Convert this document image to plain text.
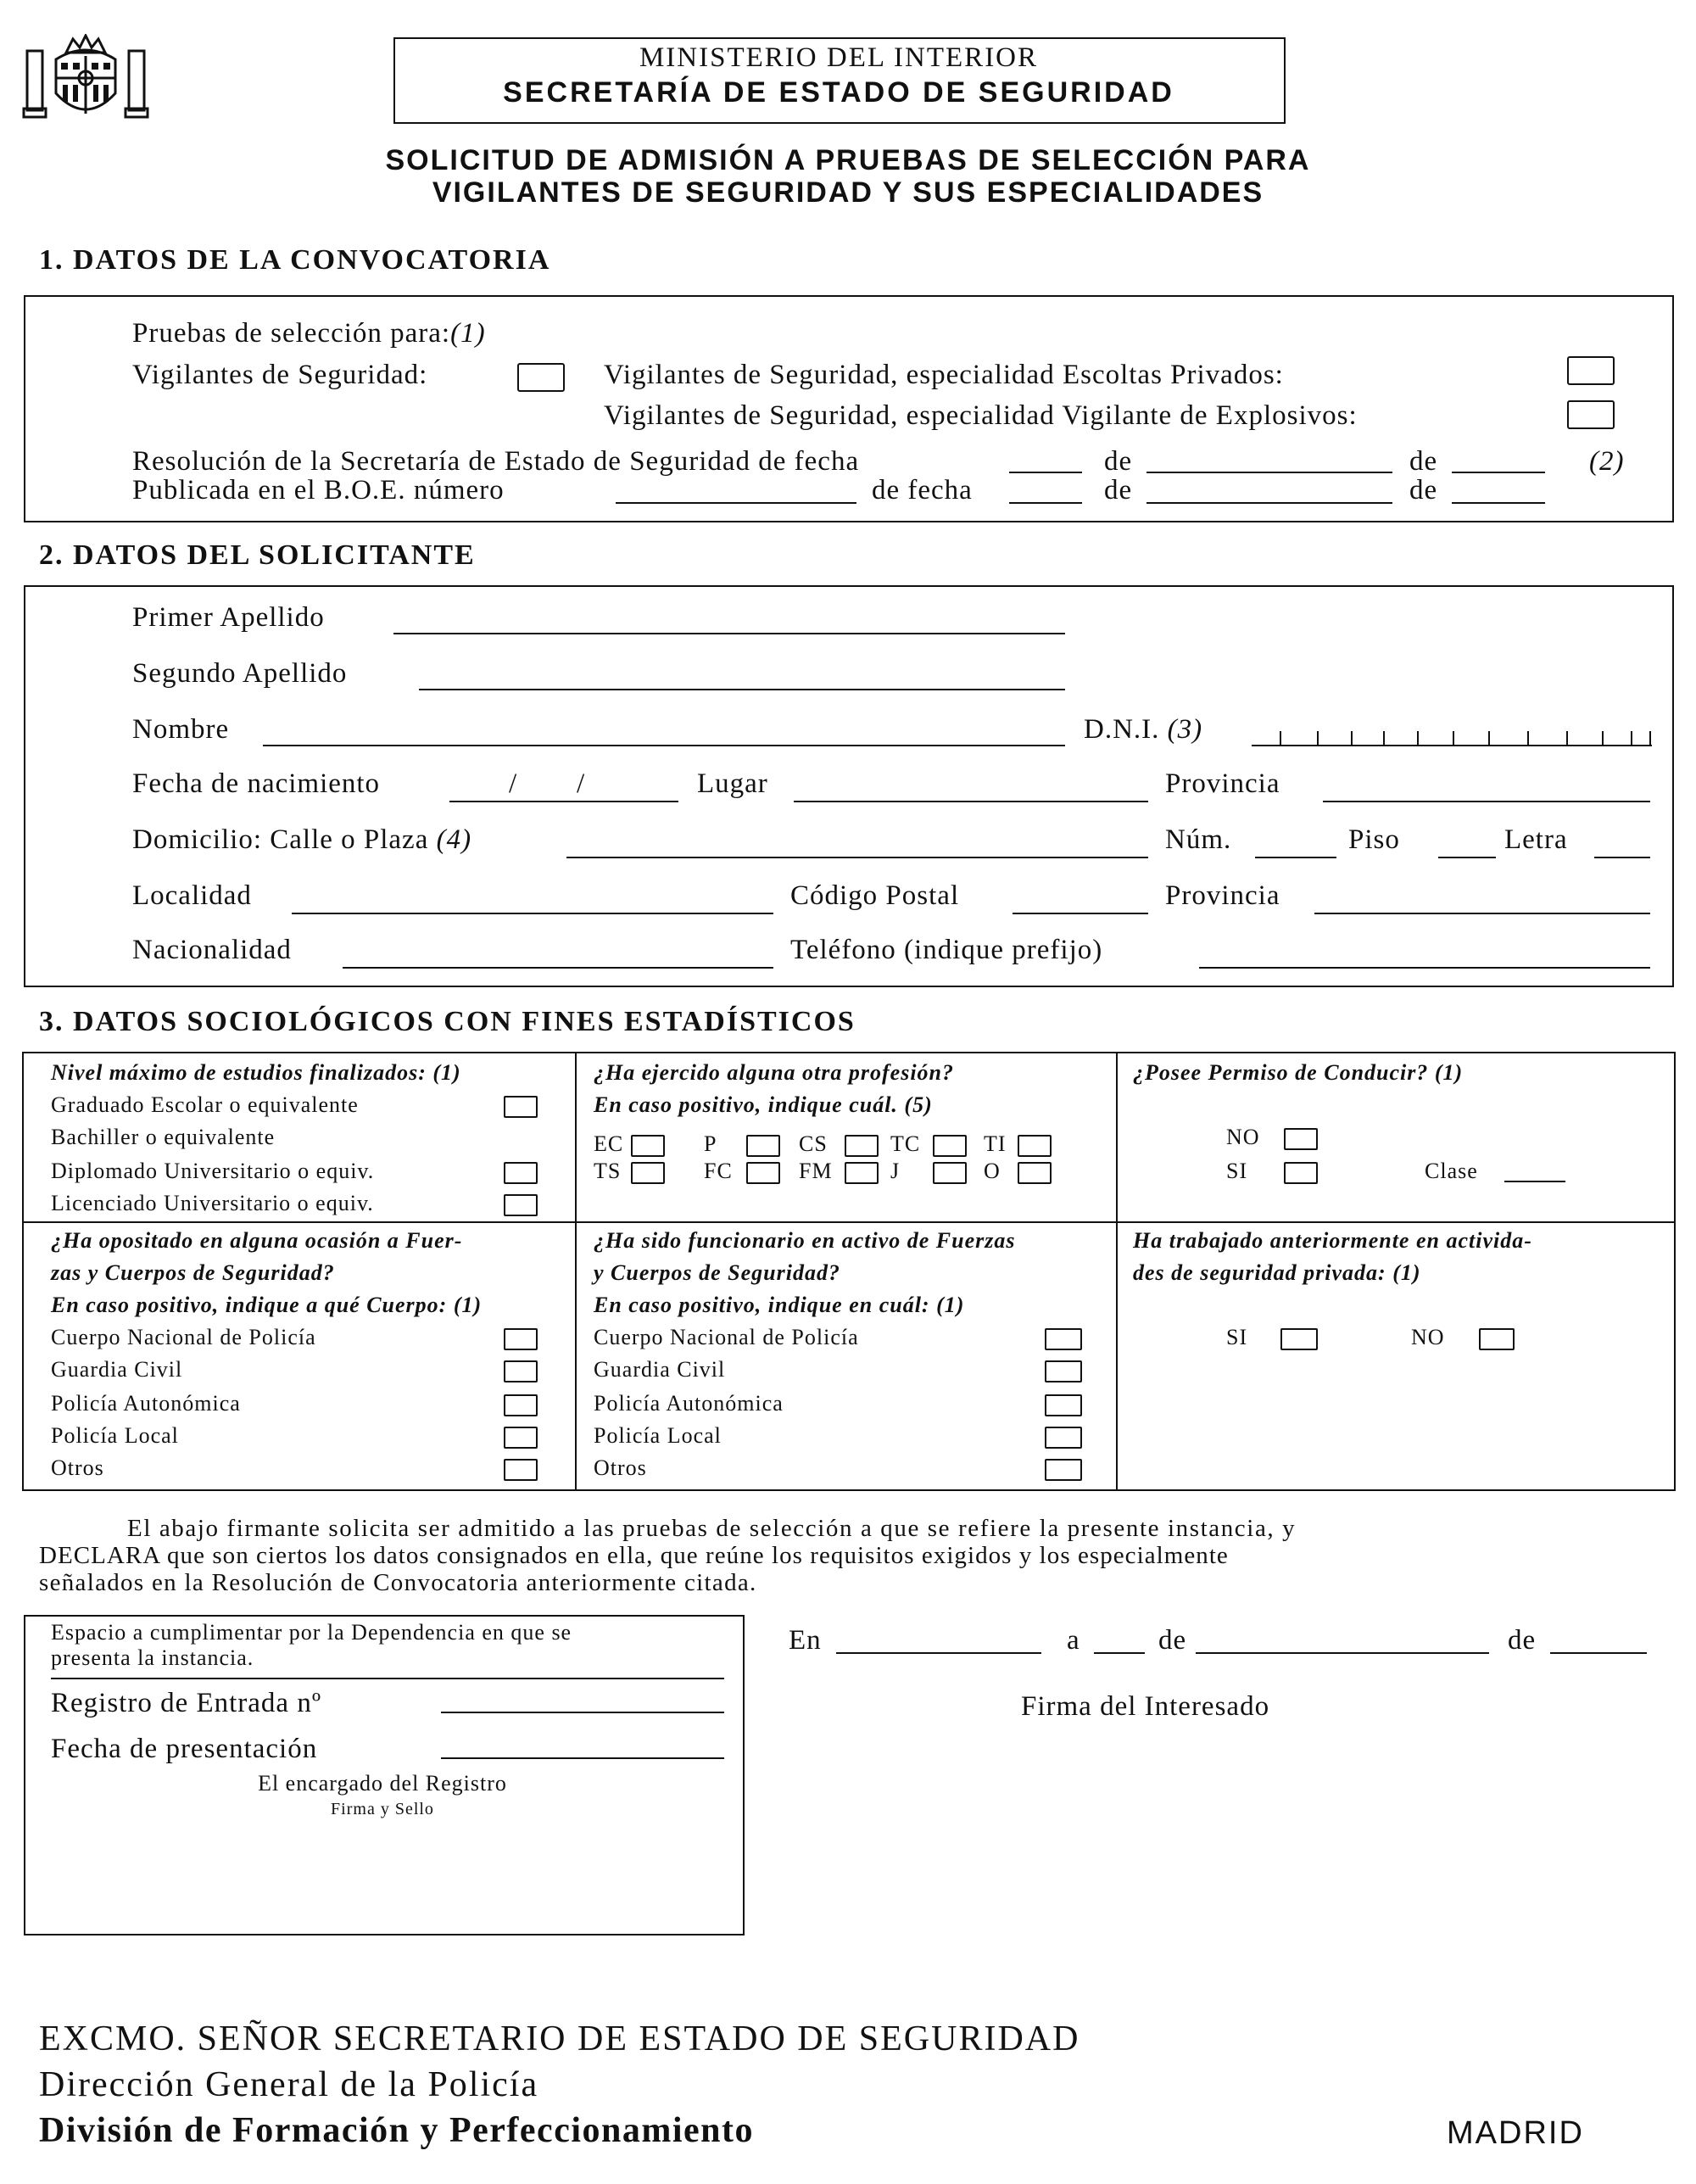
MINISTERIO DEL INTERIOR
SECRETARÍA DE ESTADO DE SEGURIDAD
SOLICITUD DE ADMISIÓN A PRUEBAS DE SELECCIÓN PARA
VIGILANTES DE SEGURIDAD Y SUS ESPECIALIDADES
1. DATOS DE LA CONVOCATORIA
Pruebas de selección para:(1)
Vigilantes de Seguridad:	Vigilantes de Seguridad, especialidad Escoltas Privados:
Vigilantes de Seguridad, especialidad Vigilante de Explosivos:
Resolución de la Secretaría de Estado de Seguridad de fecha	de	de	(2)
Publicada en el B.O.E. número	de fecha	de	de
2. DATOS DEL SOLICITANTE
Primer Apellido
Segundo Apellido
Nombre	D.N.I. (3)
Fecha de nacimiento	/ /	Lugar	Provincia
Domicilio: Calle o Plaza (4)	Núm.	Piso	Letra
Localidad	Código Postal	Provincia
Nacionalidad	Teléfono (indique prefijo)
3. DATOS SOCIOLÓGICOS CON FINES ESTADÍSTICOS
Nivel máximo de estudios finalizados: (1)
Graduado Escolar o equivalente
Bachiller o equivalente
Diplomado Universitario o equiv.
Licenciado Universitario o equiv.
¿Ha ejercido alguna otra profesión?
En caso positivo, indique cuál. (5)
EC	P	CS	TC	TI
TS	FC	FM	J	O
¿Posee Permiso de Conducir? (1)
NO
SI	Clase
¿Ha opositado en alguna ocasión a Fuer-
zas y Cuerpos de Seguridad?
En caso positivo, indique a qué Cuerpo: (1)
Cuerpo Nacional de Policía
Guardia Civil
Policía Autonómica
Policía Local
Otros
¿Ha sido funcionario en activo de Fuerzas
y Cuerpos de Seguridad?
En caso positivo, indique en cuál: (1)
Cuerpo Nacional de Policía
Guardia Civil
Policía Autonómica
Policía Local
Otros
Ha trabajado anteriormente en activida-
des de seguridad privada: (1)
SI	NO
El abajo firmante solicita ser admitido a las pruebas de selección a que se refiere la presente instancia, y
DECLARA que son ciertos los datos consignados en ella, que reúne los requisitos exigidos y los especialmente
señalados en la Resolución de Convocatoria anteriormente citada.
Espacio a cumplimentar por la Dependencia en que se
presenta la instancia.
Registro de Entrada nº
Fecha de presentación
El encargado del Registro
Firma y Sello
En	a	de	de
Firma del Interesado
EXCMO. SEÑOR SECRETARIO DE ESTADO DE SEGURIDAD
Dirección General de la Policía
División de Formación y Perfeccionamiento	MADRID
